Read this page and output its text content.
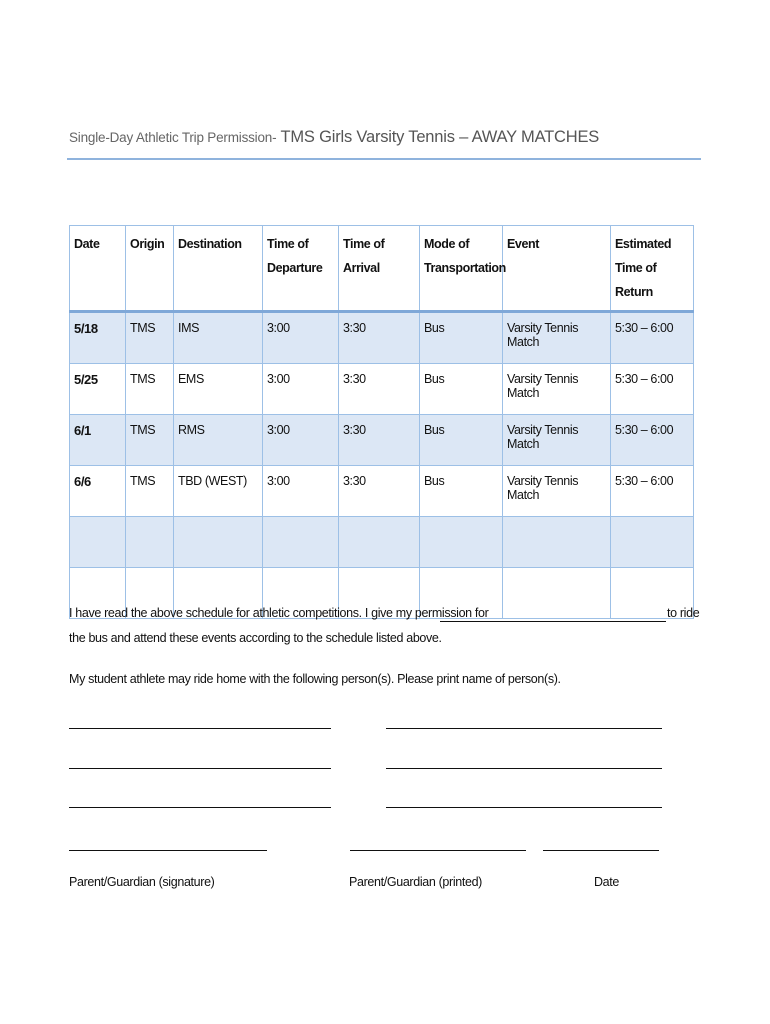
Single-Day Athletic Trip Permission- TMS Girls Varsity Tennis – AWAY MATCHES
Date	Origin	Destination	Time of Departure	Time of Arrival	Mode of Transportation	Event	Estimated Time of Return
5/18	TMS	IMS	3:00	3:30	Bus	Varsity Tennis Match	5:30 – 6:00
5/25	TMS	EMS	3:00	3:30	Bus	Varsity Tennis Match	5:30 – 6:00
6/1	TMS	RMS	3:00	3:30	Bus	Varsity Tennis Match	5:30 – 6:00
6/6	TMS	TBD (WEST)	3:00	3:30	Bus	Varsity Tennis Match	5:30 – 6:00

I have read the above schedule for athletic competitions. I give my permission for	to ride
the bus and attend these events according to the schedule listed above.
My student athlete may ride home with the following person(s). Please print name of person(s).
Parent/Guardian (signature)	Parent/Guardian (printed)	Date
